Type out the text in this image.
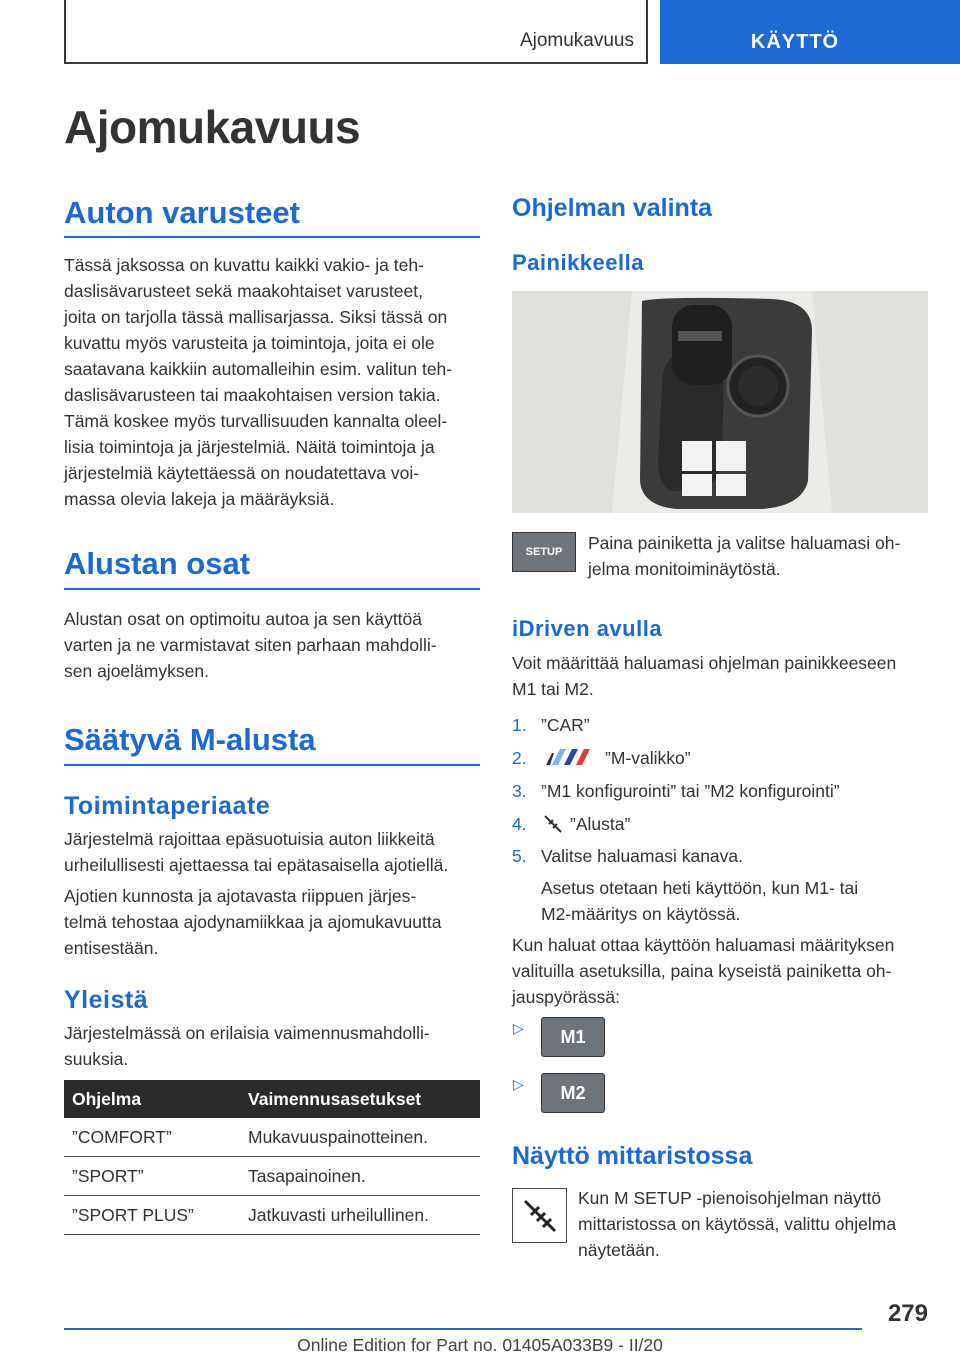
Ajomukavuus	KÄYTTÖ
Ajomukavuus
Auton varusteet
Tässä jaksossa on kuvattu kaikki vakio- ja teh-
daslisävarusteet sekä maakohtaiset varusteet,
joita on tarjolla tässä mallisarjassa. Siksi tässä on
kuvattu myös varusteita ja toimintoja, joita ei ole
saatavana kaikkiin automalleihin esim. valitun teh-
daslisävarusteen tai maakohtaisen version takia.
Tämä koskee myös turvallisuuden kannalta oleel-
lisia toimintoja ja järjestelmiä. Näitä toimintoja ja
järjestelmiä käytettäessä on noudatettava voi-
massa olevia lakeja ja määräyksiä.
Alustan osat
Alustan osat on optimoitu autoa ja sen käyttöä
varten ja ne varmistavat siten parhaan mahdolli-
sen ajoelämyksen.
Säätyvä M-alusta
Toimintaperiaate
Järjestelmä rajoittaa epäsuotuisia auton liikkeitä
urheilullisesti ajettaessa tai epätasaisella ajotiellä.
Ajotien kunnosta ja ajotavasta riippuen järjes-
telmä tehostaa ajodynamiikkaa ja ajomukavuutta
entisestään.
Yleistä
Järjestelmässä on erilaisia vaimennusmahdolli-
suuksia.
Ohjelma	Vaimennusasetukset
”COMFORT”	Mukavuuspainotteinen.
”SPORT”	Tasapainoinen.
”SPORT PLUS”	Jatkuvasti urheilullinen.
Ohjelman valinta
Painikkeella
SETUP	Paina painiketta ja valitse haluamasi oh-
jelma monitoiminäytöstä.
iDriven avulla
Voit määrittää haluamasi ohjelman painikkeeseen
M1 tai M2.
1. ”CAR”
2.	”M-valikko”
3. ”M1 konfigurointi” tai ”M2 konfigurointi”
4. ”Alusta”
5. Valitse haluamasi kanava.
Asetus otetaan heti käyttöön, kun M1- tai
M2-määritys on käytössä.
Kun haluat ottaa käyttöön haluamasi määrityksen
valituilla asetuksilla, paina kyseistä painiketta oh-
jauspyörässä:
▷	M1
▷	M2
Näyttö mittaristossa
Kun M SETUP -pienoisohjelman näyttö
mittaristossa on käytössä, valittu ohjelma
näytetään.
279
Online Edition for Part no. 01405A033B9 - II/20
